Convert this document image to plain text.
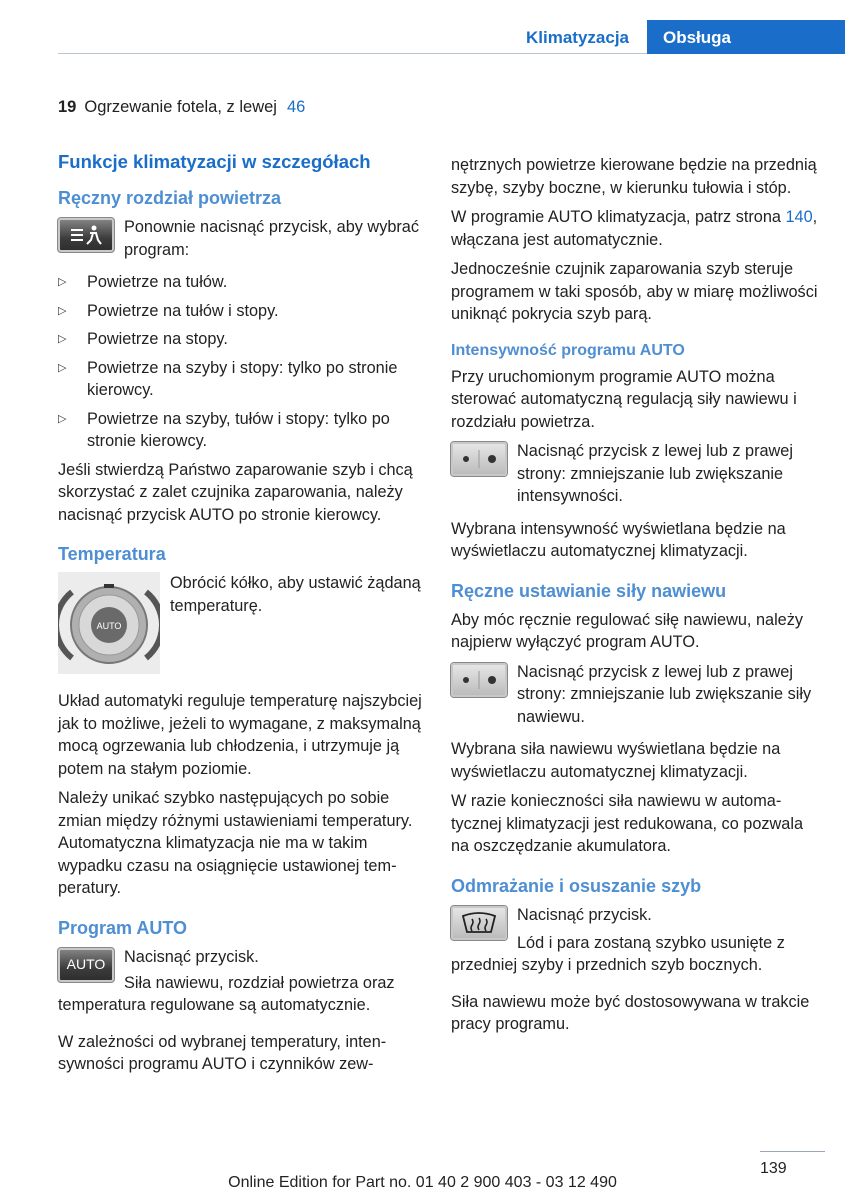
Klimatyzacja Obsługa
19 Ogrzewanie fotela, z lewej 46
Funkcje klimatyzacji w szczegółach
Ręczny rozdział powietrza
Ponownie nacisnąć przycisk, aby wybrać program:
▷ Powietrze na tułów.
▷ Powietrze na tułów i stopy.
▷ Powietrze na stopy.
▷ Powietrze na szyby i stopy: tylko po stronie kierowcy.
▷ Powietrze na szyby, tułów i stopy: tylko po stronie kierowcy.

Jeśli stwierdzą Państwo zaparowanie szyb i chcą skorzystać z zalet czujnika zaparowania, należy nacisnąć przycisk AUTO po stronie kierowcy.

Temperatura
AUTO
Obrócić kółko, aby ustawić żądaną temperaturę.

Układ automatyki reguluje temperaturę najszybciej jak to możliwe, jeżeli to wymagane, z maksymalną mocą ogrzewania lub chłodzenia, i utrzymuje ją potem na stałym poziomie.

Należy unikać szybko następujących po sobie zmian między różnymi ustawieniami temperatury. Automatyczna klimatyzacja nie ma w takim wypadku czasu na osiągnięcie ustawionej temperatury.

Program AUTO
AUTO	Nacisnąć przycisk.

Siła nawiewu, rozdział powietrza oraz temperatura regulowane są automatycznie.

W zależności od wybranej temperatury, intensywności programu AUTO i czynników zew-

nętrznych powietrze kierowane będzie na przednią szybę, szyby boczne, w kierunku tułowia i stóp.

W programie AUTO klimatyzacja, patrz strona 140, włączana jest automatycznie.

Jednocześnie czujnik zaparowania szyb steruje programem w taki sposób, aby w miarę możliwości uniknąć pokrycia szyb parą.

Intensywność programu AUTO

Przy uruchomionym programie AUTO można sterować automatyczną regulacją siły nawiewu i rozdziału powietrza.

Nacisnąć przycisk z lewej lub z prawej strony: zmniejszanie lub zwiększanie intensywności.

Wybrana intensywność wyświetlana będzie na wyświetlaczu automatycznej klimatyzacji.

Ręczne ustawianie siły nawiewu

Aby móc ręcznie regulować siłę nawiewu, należy najpierw wyłączyć program AUTO.

Nacisnąć przycisk z lewej lub z prawej strony: zmniejszanie lub zwiększanie siły nawiewu.

Wybrana siła nawiewu wyświetlana będzie na wyświetlaczu automatycznej klimatyzacji.

W razie konieczności siła nawiewu w automatycznej klimatyzacji jest redukowana, co pozwala na oszczędzanie akumulatora.

Odmrażanie i osuszanie szyb
Nacisnąć przycisk.

Lód i para zostaną szybko usunięte z przedniej szyby i przednich szyb bocznych.

Siła nawiewu może być dostosowywana w trakcie pracy programu.

139
Online Edition for Part no. 01 40 2 900 403 - 03 12 490
